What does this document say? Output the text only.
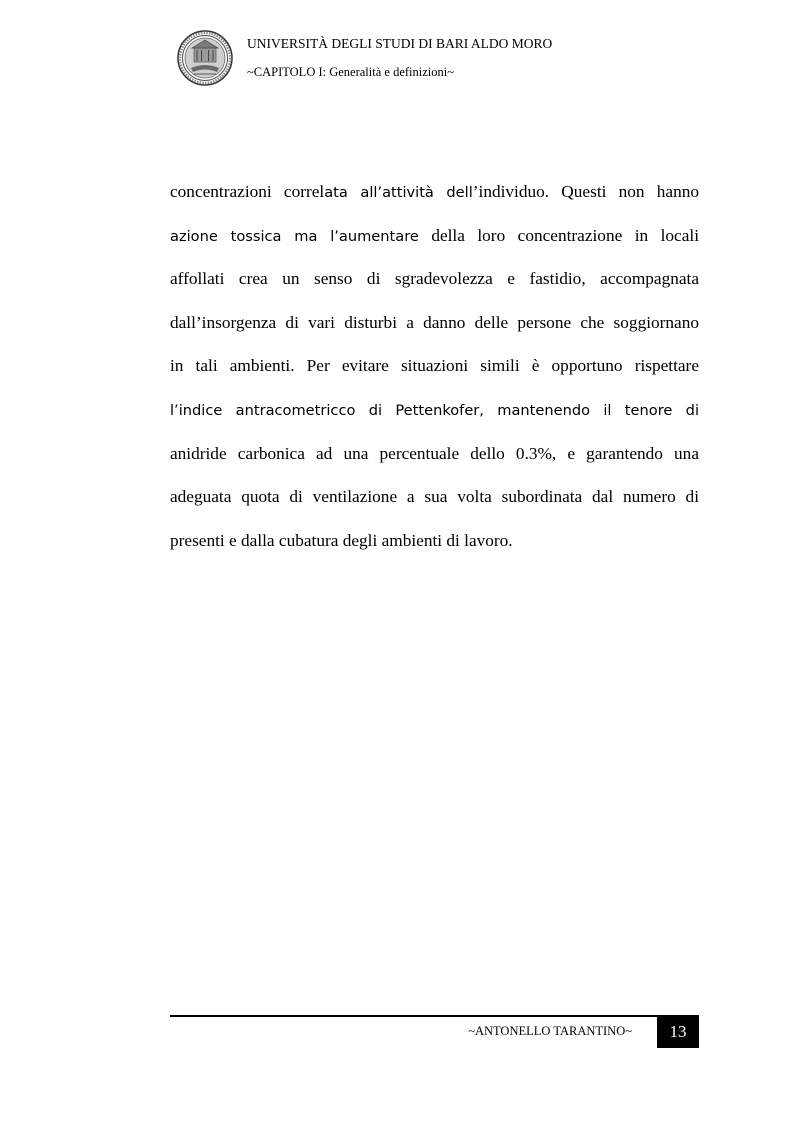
UNIVERSITÀ DEGLI STUDI DI BARI ALDO MORO
~CAPITOLO I: Generalità e definizioni~
concentrazioni correlata all’attività dell’individuo. Questi non hanno
azione tossica ma l’aumentare della loro concentrazione in locali
affollati crea un senso di sgradevolezza e fastidio, accompagnata
dall’insorgenza di vari disturbi a danno delle persone che soggiornano
in tali ambienti. Per evitare situazioni simili è opportuno rispettare
l’indice antracometricco di Pettenkofer, mantenendo il tenore di
anidride carbonica ad una percentuale dello 0.3%, e garantendo una
adeguata quota di ventilazione a sua volta subordinata dal numero di
presenti e dalla cubatura degli ambienti di lavoro.
~ANTONELLO TARANTINO~	13
